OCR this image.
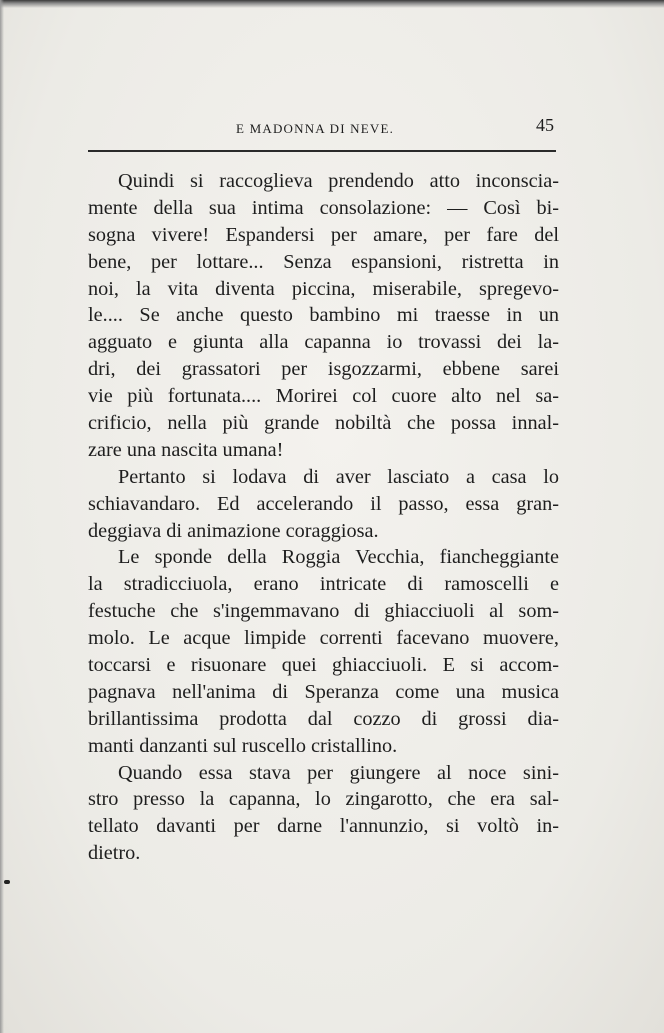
E MADONNA DI NEVE.	45
Quindi si raccoglieva prendendo atto inconscia-
mente della sua intima consolazione: — Così bi-
sogna vivere! Espandersi per amare, per fare del
bene, per lottare... Senza espansioni, ristretta in
noi, la vita diventa piccina, miserabile, spregevo-
le.... Se anche questo bambino mi traesse in un
agguato e giunta alla capanna io trovassi dei la-
dri, dei grassatori per isgozzarmi, ebbene sarei
vie più fortunata.... Morirei col cuore alto nel sa-
crificio, nella più grande nobiltà che possa innal-
zare una nascita umana!
Pertanto si lodava di aver lasciato a casa lo
schiavandaro. Ed accelerando il passo, essa gran-
deggiava di animazione coraggiosa.
Le sponde della Roggia Vecchia, fiancheggiante
la stradicciuola, erano intricate di ramoscelli e
festuche che s'ingemmavano di ghiacciuoli al som-
molo. Le acque limpide correnti facevano muovere,
toccarsi e risuonare quei ghiacciuoli. E si accom-
pagnava nell'anima di Speranza come una musica
brillantissima prodotta dal cozzo di grossi dia-
manti danzanti sul ruscello cristallino.
Quando essa stava per giungere al noce sini-
stro presso la capanna, lo zingarotto, che era sal-
tellato davanti per darne l'annunzio, si voltò in-
dietro.
